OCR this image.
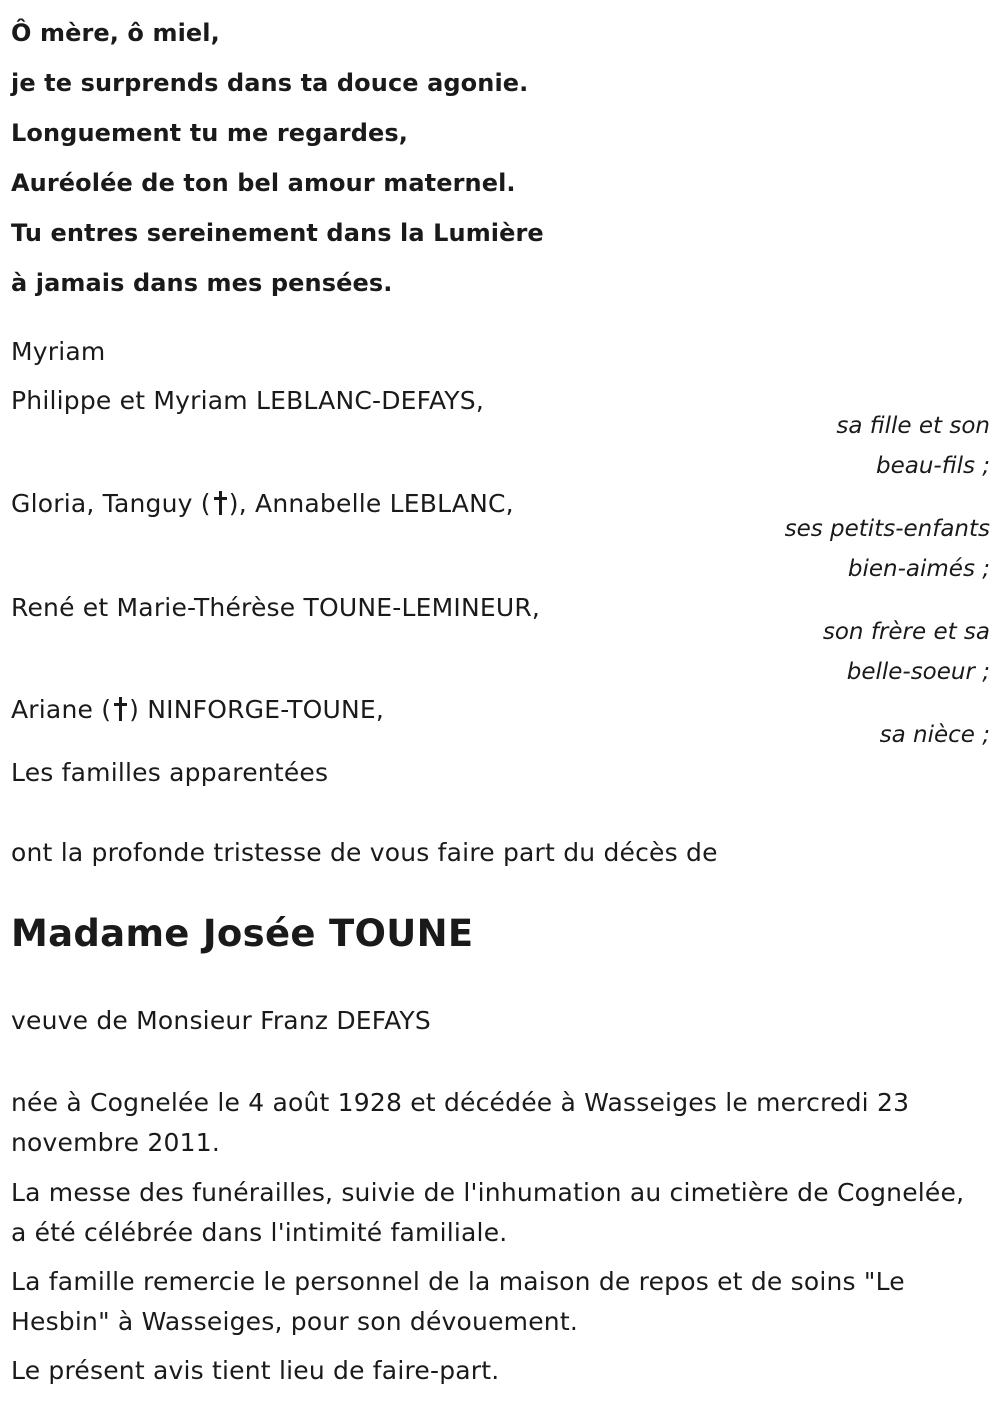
Ô mère, ô miel,
je te surprends dans ta douce agonie.
Longuement tu me regardes,
Auréolée de ton bel amour maternel.
Tu entres sereinement dans la Lumière
à jamais dans mes pensées.
Myriam
Philippe et Myriam LEBLANC-DEFAYS,
sa fille et son
beau-fils ;
Gloria, Tanguy ( ), Annabelle LEBLANC,
ses petits-enfants
bien-aimés ;
René et Marie-Thérèse TOUNE-LEMINEUR,
son frère et sa
belle-soeur ;
Ariane ( ) NINFORGE-TOUNE,
sa nièce ;
Les familles apparentées
ont la profonde tristesse de vous faire part du décès de
Madame Josée TOUNE
veuve de Monsieur Franz DEFAYS
née à Cognelée le 4 août 1928 et décédée à Wasseiges le mercredi 23 novembre 2011.
La messe des funérailles, suivie de l'inhumation au cimetière de Cognelée, a été célébrée dans l'intimité familiale.
La famille remercie le personnel de la maison de repos et de soins "Le Hesbin" à Wasseiges, pour son dévouement.
Le présent avis tient lieu de faire-part.
